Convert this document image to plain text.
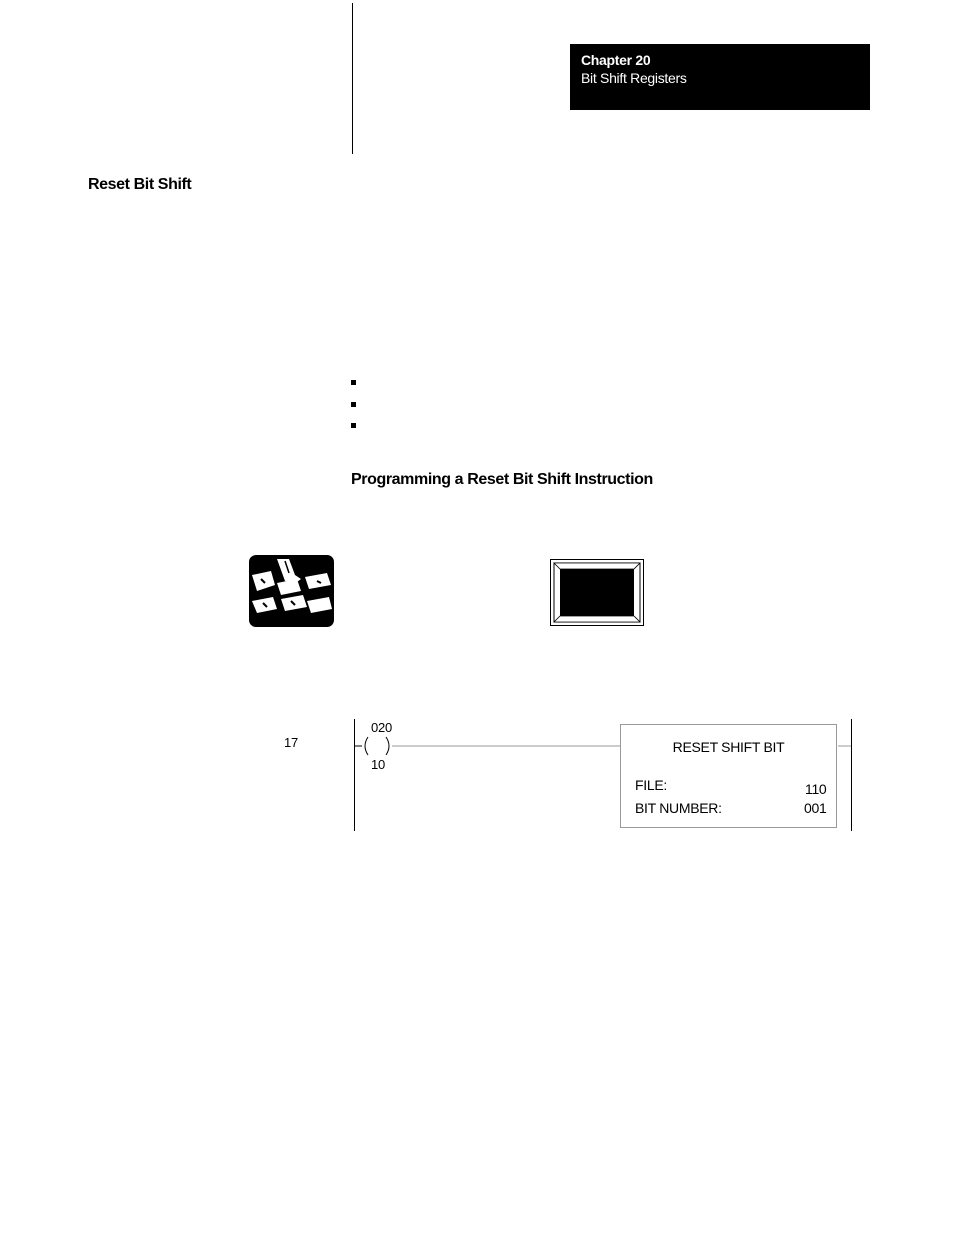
Chapter 20
Bit Shift Registers
Reset Bit Shift
Programming a Reset Bit Shift Instruction
17
020
10
RESET SHIFT BIT
FILE:	110
BIT NUMBER:	001
